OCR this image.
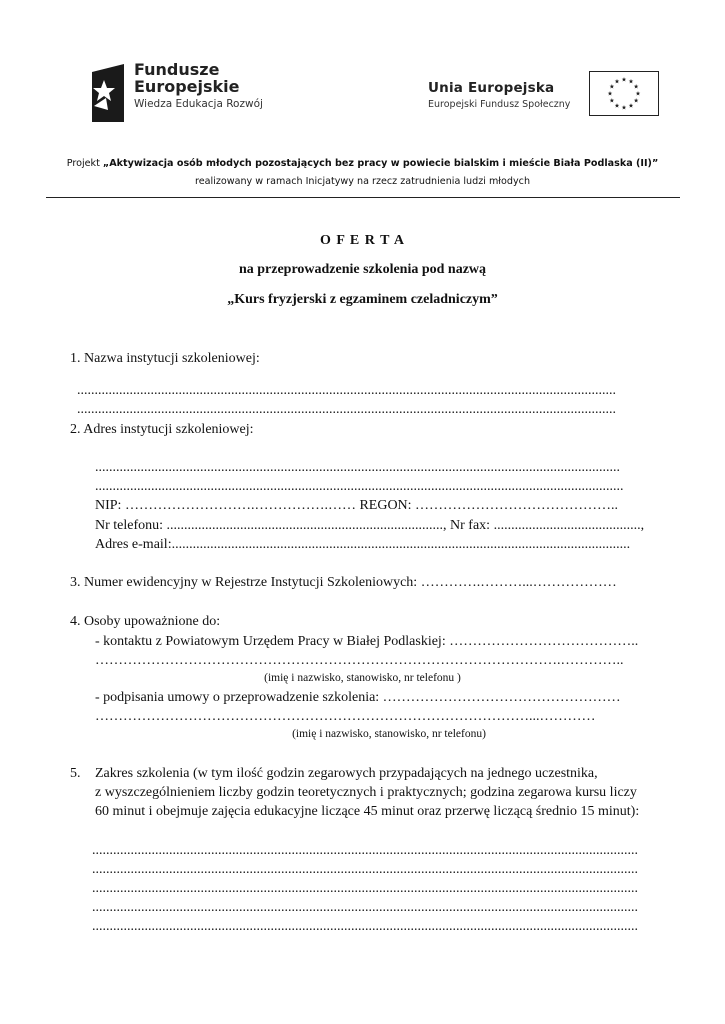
Fundusze
Europejskie
Wiedza Edukacja Rozwój
Unia Europejska
Europejski Fundusz Społeczny
Projekt „Aktywizacja osób młodych pozostających bez pracy w powiecie bialskim i mieście Biała Podlaska (II)”
realizowany w ramach Inicjatywy na rzecz zatrudnienia ludzi młodych
O F E R T A
na przeprowadzenie szkolenia pod nazwą
„Kurs fryzjerski z egzaminem czeladniczym”
1. Nazwa instytucji szkoleniowej:
..........................................................................................................................................................
..........................................................................................................................................................
2. Adres instytucji szkoleniowej:
......................................................................................................................................................
.......................................................................................................................................................
NIP: ……………………….…………….…… REGON: ……………………………………..
Nr telefonu: ..............................................................................., Nr fax: ..........................................,
Adres e-mail:...................................................................................................................................
3. Numer ewidencyjny w Rejestrze Instytucji Szkoleniowych: ………….………...………………
4. Osoby upoważnione do:
- kontaktu z Powiatowym Urzędem Pracy w Białej Podlaskiej: …………………………………..
……………………………………………………………………………………….…………..
(imię i nazwisko, stanowisko, nr telefonu )
- podpisania umowy o przeprowadzenie szkolenia: ……………………………………………
…………………………………………………………………………………...…………
(imię i nazwisko, stanowisko, nr telefonu)
5. Zakres szkolenia (w tym ilość godzin zegarowych przypadających na jednego uczestnika,
z wyszczególnieniem liczby godzin teoretycznych i praktycznych; godzina zegarowa kursu liczy
60 minut i obejmuje zajęcia edukacyjne liczące 45 minut oraz przerwę liczącą średnio 15 minut):
............................................................................................................................................................
............................................................................................................................................................
............................................................................................................................................................
............................................................................................................................................................
............................................................................................................................................................
